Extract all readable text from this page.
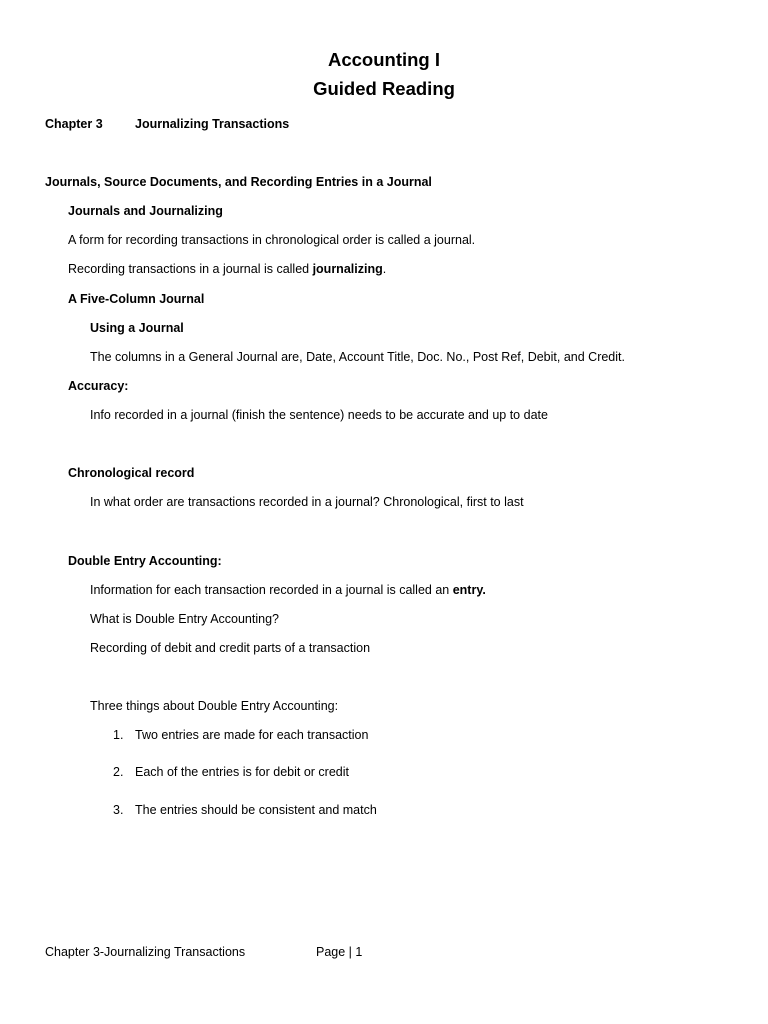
Accounting I
Guided Reading
Chapter 3	Journalizing Transactions
Journals, Source Documents, and Recording Entries in a Journal
Journals and Journalizing
A form for recording transactions in chronological order is called a journal.
Recording transactions in a journal is called journalizing.
A Five-Column Journal
Using a Journal
The columns in a General Journal are, Date, Account Title, Doc. No., Post Ref, Debit, and Credit.
Accuracy:
Info recorded in a journal (finish the sentence) needs to be accurate and up to date
Chronological record
In what order are transactions recorded in a journal? Chronological, first to last
Double Entry Accounting:
Information for each transaction recorded in a journal is called an entry.
What is Double Entry Accounting?
Recording of debit and credit parts of a transaction
Three things about Double Entry Accounting:
1. Two entries are made for each transaction
2. Each of the entries is for debit or credit
3. The entries should be consistent and match
Chapter 3-Journalizing Transactions	Page | 1
